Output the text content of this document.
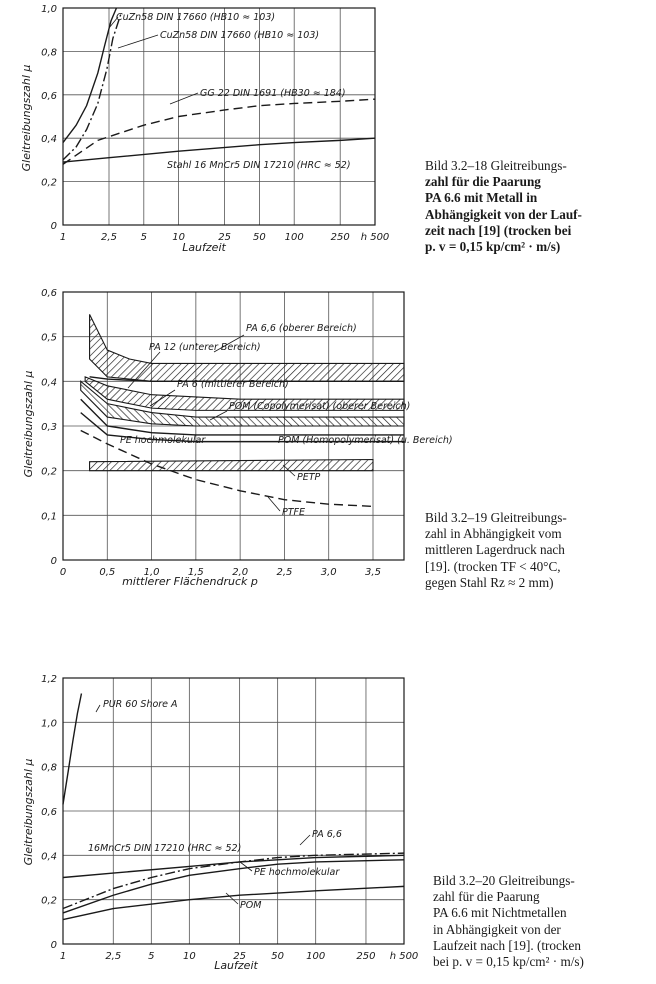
1	2,5 5	10	25 50 100	250 h 500
0
0,2
0,4
0,6
0,8
1,0
Laufzeit
Gleitreibungszahl μ
CuZn58 DIN 17660 (HB10 ≈ 103)
CuZn58 DIN 17660 (HB10 ≈ 103)
GG 22 DIN 1691 (HB30 ≈ 184)
Stahl 16 MnCr5 DIN 17210 (HRC ≈ 52)
0	0,5	1,0	1,5	2,0	2,5	3,0	3,5
0
0,1
0,2
0,3
0,4
0,5
0,6
mittlerer Flächendruck p
Gleitreibungszahl μ
PA 6,6 (oberer Bereich)
PA 12 (unterer Bereich)
PA 6 (mittlerer Bereich)
POM (Copolymerisat) (oberer Bereich)
POM (Homopolymerisat) (u. Bereich)
PE hochmolekular
PETP
PTFE
1	2,5	5	10	25	50 100	250 h 500
0
0,2
0,4
0,6
0,8
1,0
1,2
Laufzeit
Gleitreibungszahl μ
PUR 60 Shore A
16MnCr5 DIN 17210 (HRC ≈ 52)
PA 6,6
PE hochmolekular
POM
Bild 3.2–18 Gleitreibungs-
zahl für die Paarung
PA 6.6 mit Metall in
Abhängigkeit von der Lauf-
zeit nach [19] (trocken bei
p. v = 0,15 kp/cm² · m/s)
Bild 3.2–19 Gleitreibungs-
zahl in Abhängigkeit vom
mittleren Lagerdruck nach
[19]. (trocken TF < 40°C,
gegen Stahl Rz ≈ 2 mm)
Bild 3.2–20 Gleitreibungs-
zahl für die Paarung
PA 6.6 mit Nichtmetallen
in Abhängigkeit von der
Laufzeit nach [19]. (trocken
bei p. v = 0,15 kp/cm² · m/s)
